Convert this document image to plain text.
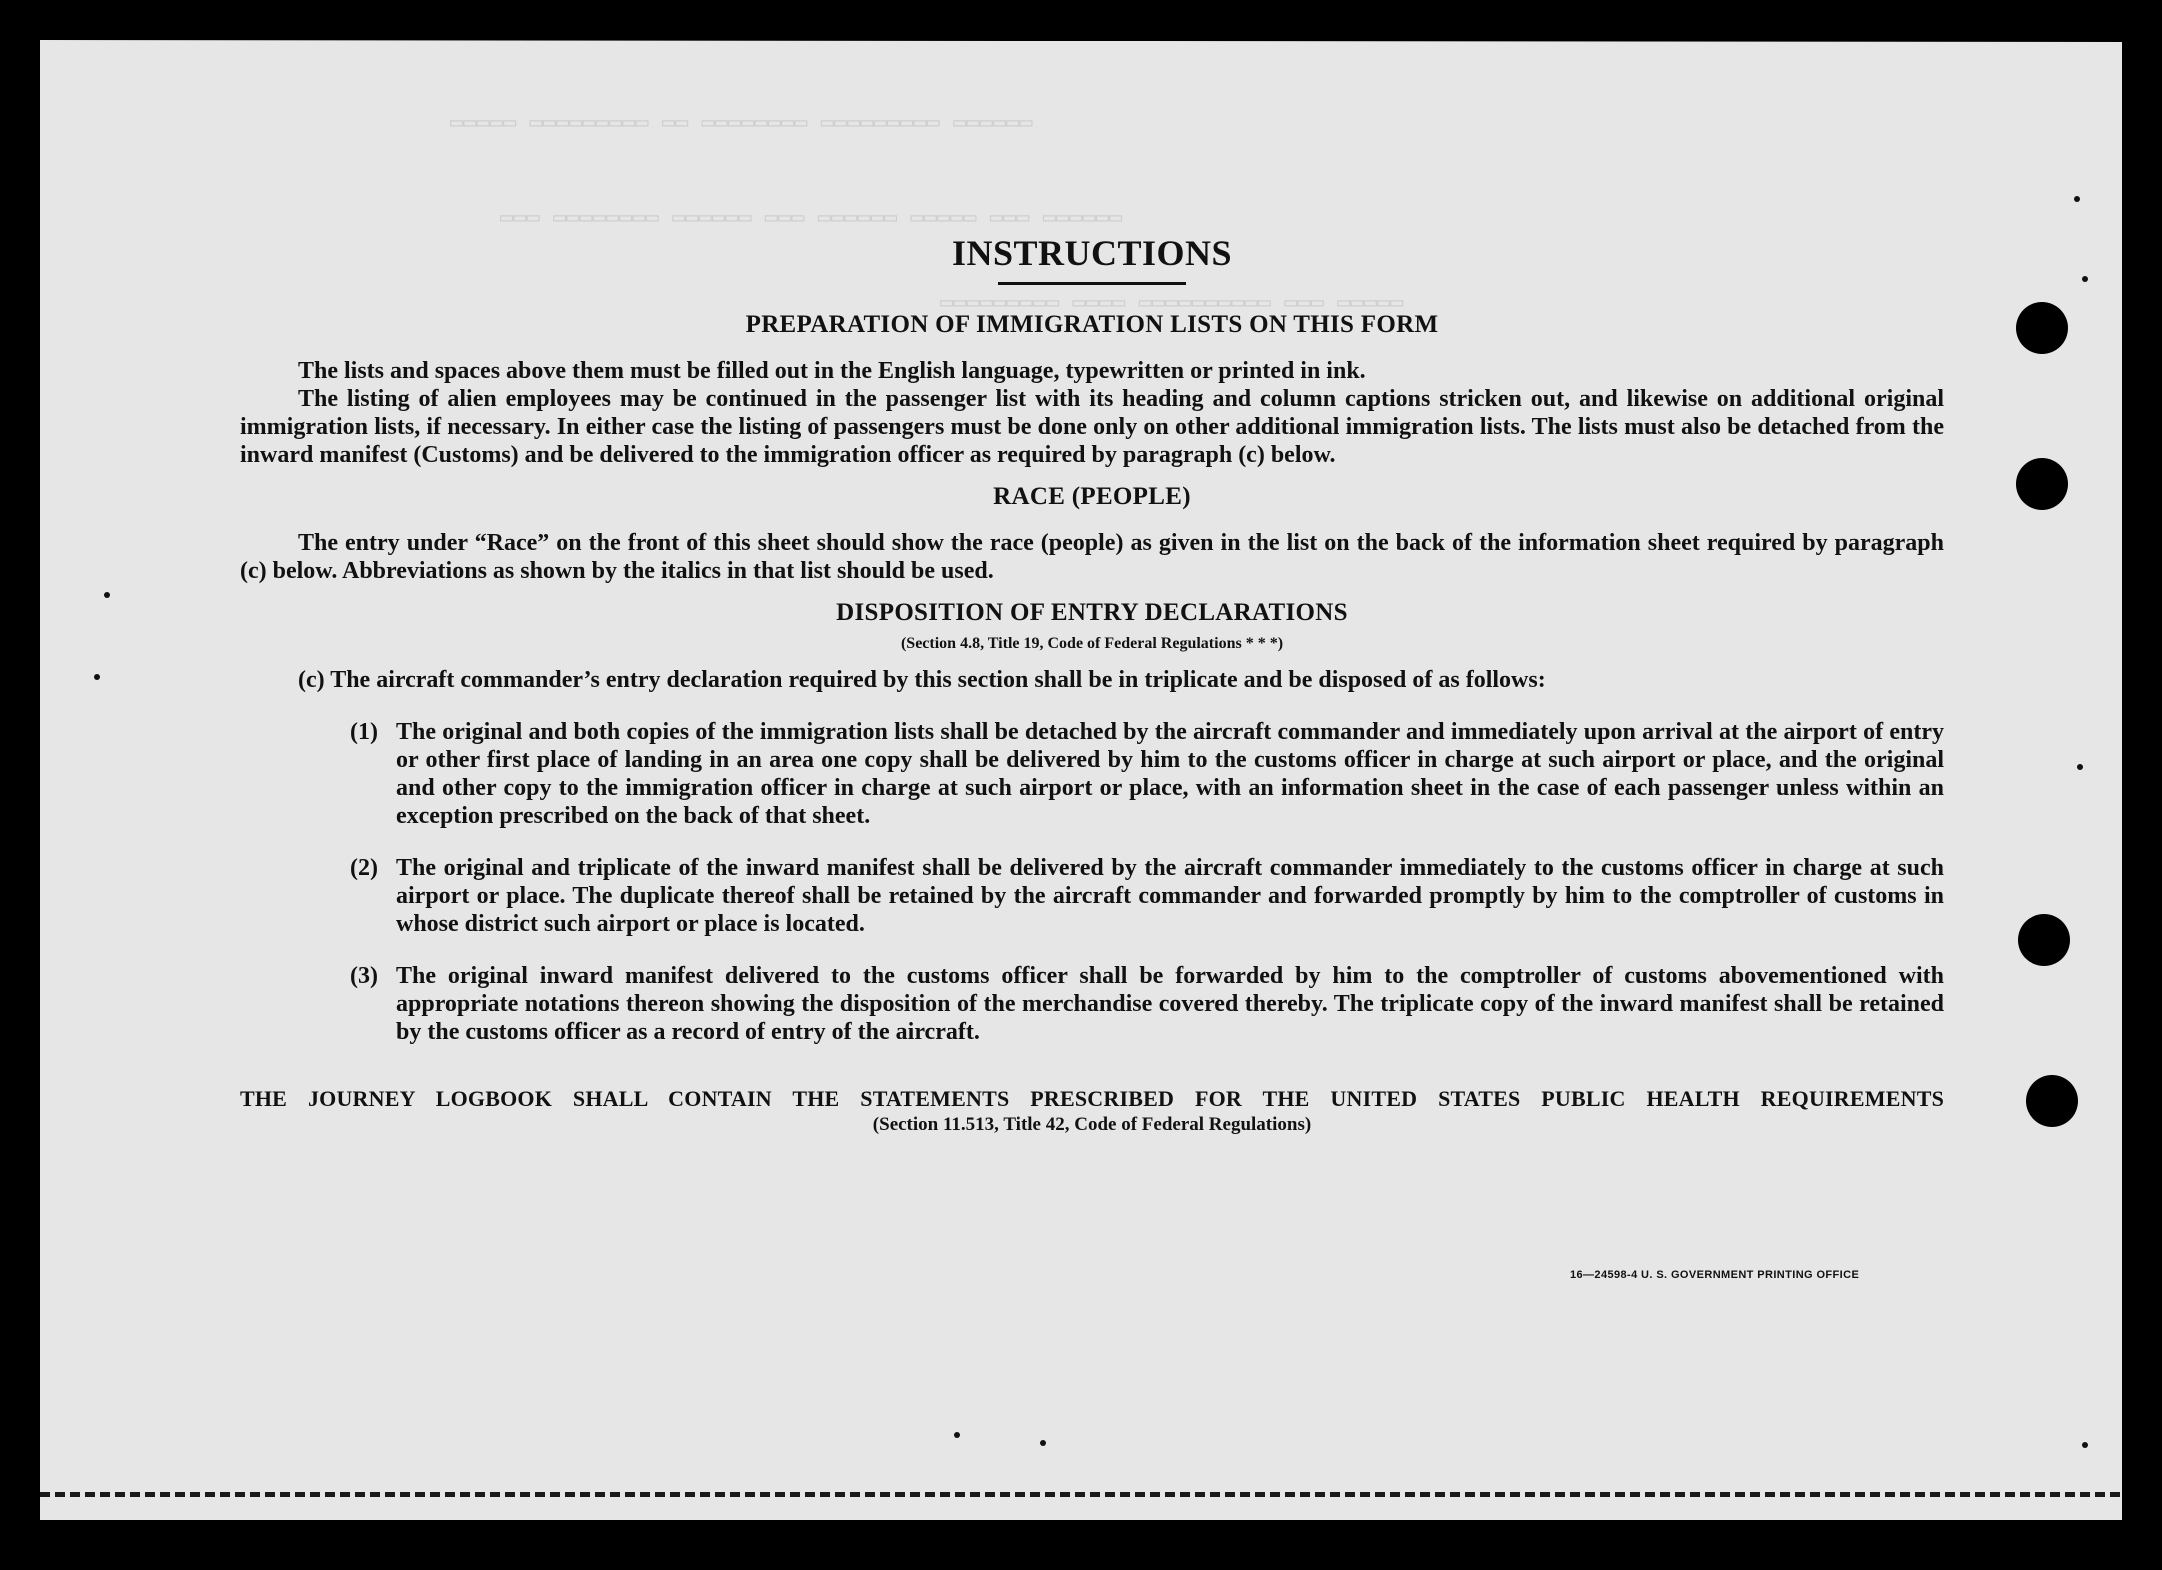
▭▭▭▭▭ ▭▭▭▭▭▭▭▭▭ ▭▭ ▭▭▭▭▭▭▭▭ ▭▭▭▭▭▭▭▭▭ ▭▭▭▭▭▭
▭▭▭ ▭▭▭▭▭▭▭▭ ▭▭▭▭▭▭ ▭▭▭ ▭▭▭▭▭▭ ▭▭▭▭▭ ▭▭▭ ▭▭▭▭▭▭
▭▭▭▭▭▭▭▭▭ ▭▭▭▭ ▭▭▭▭▭▭▭▭▭▭ ▭▭▭ ▭▭▭▭▭
INSTRUCTIONS
PREPARATION OF IMMIGRATION LISTS ON THIS FORM

The lists and spaces above them must be filled out in the English language, typewritten or printed in ink.

The listing of alien employees may be continued in the passenger list with its heading and column captions stricken out, and likewise on additional original immigration lists, if necessary. In either case the listing of passengers must be done only on other additional immigration lists. The lists must also be detached from the inward manifest (Customs) and be delivered to the immigration officer as required by paragraph (c) below.

RACE (PEOPLE)

The entry under “Race” on the front of this sheet should show the race (people) as given in the list on the back of the information sheet required by paragraph (c) below. Abbreviations as shown by the italics in that list should be used.

DISPOSITION OF ENTRY DECLARATIONS
(Section 4.8, Title 19, Code of Federal Regulations * * *)
(c) The aircraft commander’s entry declaration required by this section shall be in triplicate and be disposed of as follows:
(1) The original and both copies of the immigration lists shall be detached by the aircraft commander and immediately upon arrival at the airport of entry or other first place of landing in an area one copy shall be delivered by him to the customs officer in charge at such airport or place, and the original and other copy to the immigration officer in charge at such airport or place, with an information sheet in the case of each passenger unless within an exception prescribed on the back of that sheet.
(2) The original and triplicate of the inward manifest shall be delivered by the aircraft commander immediately to the customs officer in charge at such airport or place. The duplicate thereof shall be retained by the aircraft commander and forwarded promptly by him to the comptroller of customs in whose district such airport or place is located.
(3) The original inward manifest delivered to the customs officer shall be forwarded by him to the comptroller of customs abovementioned with appropriate notations thereon showing the disposition of the merchandise covered thereby. The triplicate copy of the inward manifest shall be retained by the customs officer as a record of entry of the aircraft.
THE JOURNEY LOGBOOK SHALL CONTAIN THE STATEMENTS PRESCRIBED FOR THE UNITED STATES PUBLIC HEALTH REQUIREMENTS
(Section 11.513, Title 42, Code of Federal Regulations)
16—24598-4 U. S. GOVERNMENT PRINTING OFFICE
